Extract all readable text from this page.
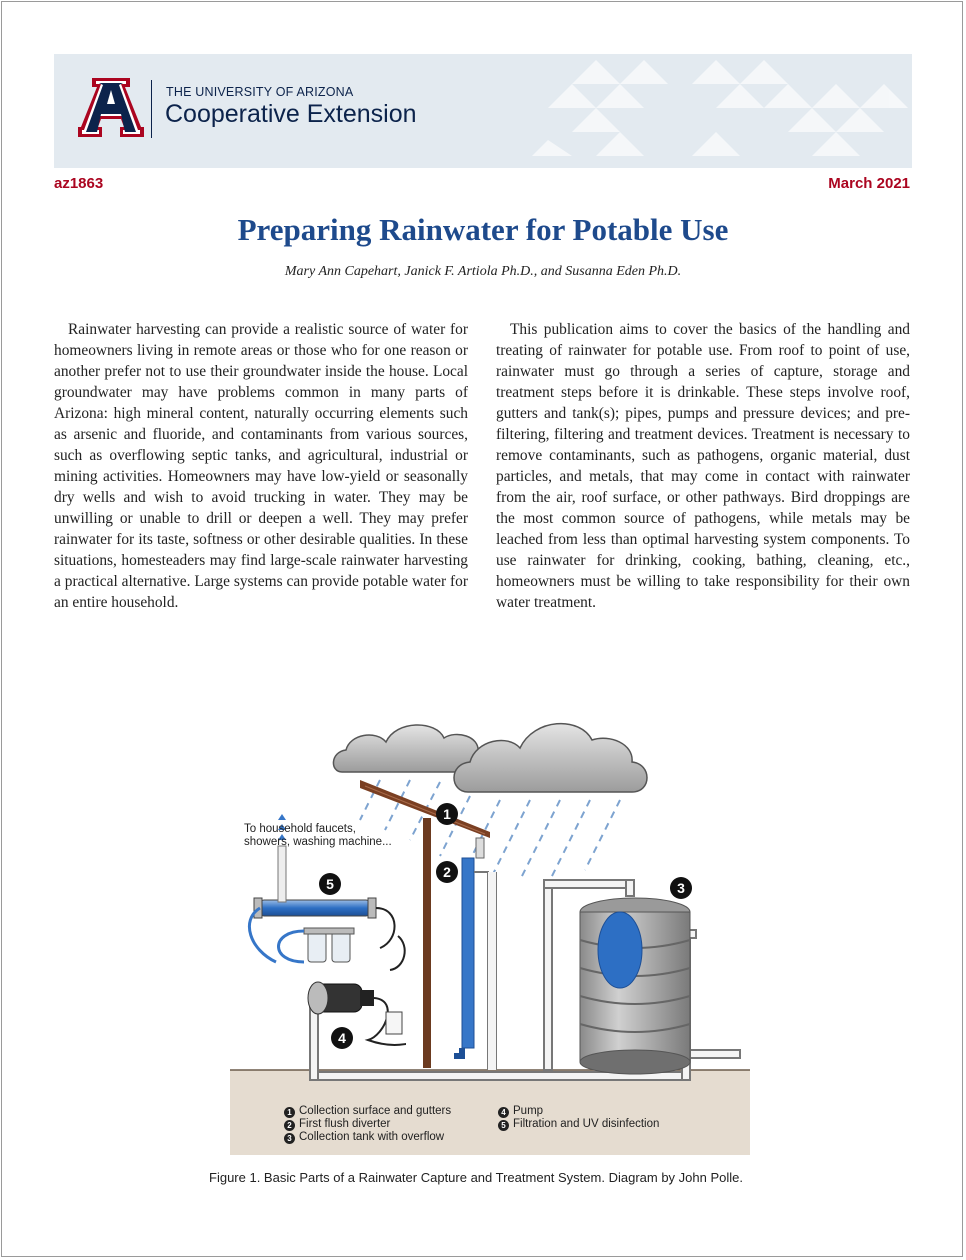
THE UNIVERSITY OF ARIZONA
Cooperative Extension
az1863	March 2021
Preparing Rainwater for Potable Use
Mary Ann Capehart, Janick F. Artiola Ph.D., and Susanna Eden Ph.D.

Rainwater harvesting can provide a realistic source of water for homeowners living in remote areas or those who for one reason or another prefer not to use their groundwater inside the house. Local groundwater may have problems common in many parts of Arizona: high mineral content, naturally occurring elements such as arsenic and fluoride, and contaminants from various sources, such as overflowing septic tanks, and agricultural, industrial or mining activities. Homeowners may have low-yield or seasonally dry wells and wish to avoid trucking in water. They may be unwilling or unable to drill or deepen a well. They may prefer rainwater for its taste, softness or other desirable qualities. In these situations, homesteaders may find large-scale rainwater harvesting a practical alternative. Large systems can provide potable water for an entire household.

This publication aims to cover the basics of the handling and treating of rainwater for potable use. From roof to point of use, rainwater must go through a series of capture, storage and treatment steps before it is drinkable. These steps involve roof, gutters and tank(s); pipes, pumps and pressure devices; and pre-filtering, filtering and treatment devices. Treatment is necessary to remove contaminants, such as pathogens, organic material, dust particles, and metals, that may come in contact with rainwater from the air, roof surface, or other pathways. Bird droppings are the most common source of pathogens, while metals may be leached from less than optimal harvesting system components. To use rainwater for drinking, cooking, bathing, cleaning, etc., homeowners must be willing to take responsibility for their own water treatment.

To household faucets,
showers, washing machine...
1
2
3
4
5
1 Collection surface and gutters
2 First flush diverter
3 Collection tank with overflow
4 Pump
5 Filtration and UV disinfection
Figure 1. Basic Parts of a Rainwater Capture and Treatment System. Diagram by John Polle.
